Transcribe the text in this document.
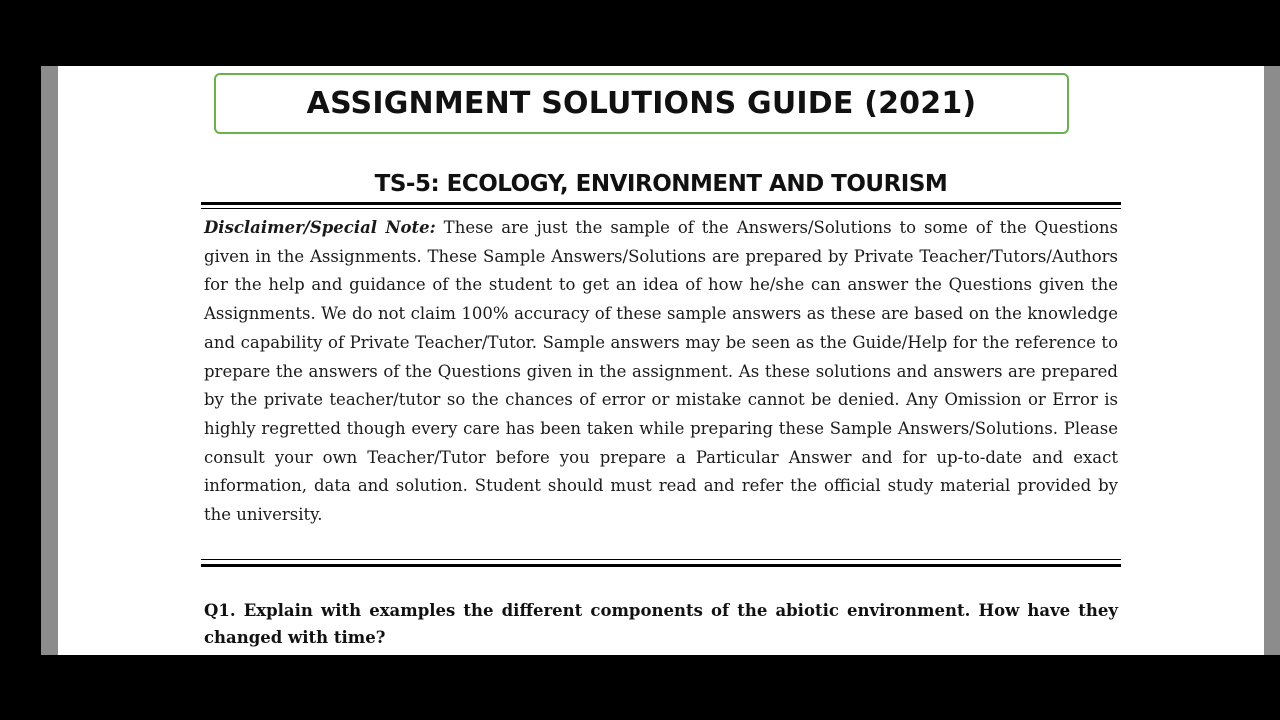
ASSIGNMENT SOLUTIONS GUIDE (2021)
TS-5: ECOLOGY, ENVIRONMENT AND TOURISM

Disclaimer/Special Note: These are just the sample of the Answers/Solutions to some of the Questions given in the Assignments. These Sample Answers/Solutions are prepared by Private Teacher/Tutors/Authors for the help and guidance of the student to get an idea of how he/she can answer the Questions given the Assignments. We do not claim 100% accuracy of these sample answers as these are based on the knowledge and capability of Private Teacher/Tutor. Sample answers may be seen as the Guide/Help for the reference to prepare the answers of the Questions given in the assignment. As these solutions and answers are prepared by the private teacher/tutor so the chances of error or mistake cannot be denied. Any Omission or Error is highly regretted though every care has been taken while preparing these Sample Answers/Solutions. Please consult your own Teacher/Tutor before you prepare a Particular Answer and for up-to-date and exact information, data and solution. Student should must read and refer the official study material provided by the university.

Q1. Explain with examples the different components of the abiotic environment. How have they changed with time?
